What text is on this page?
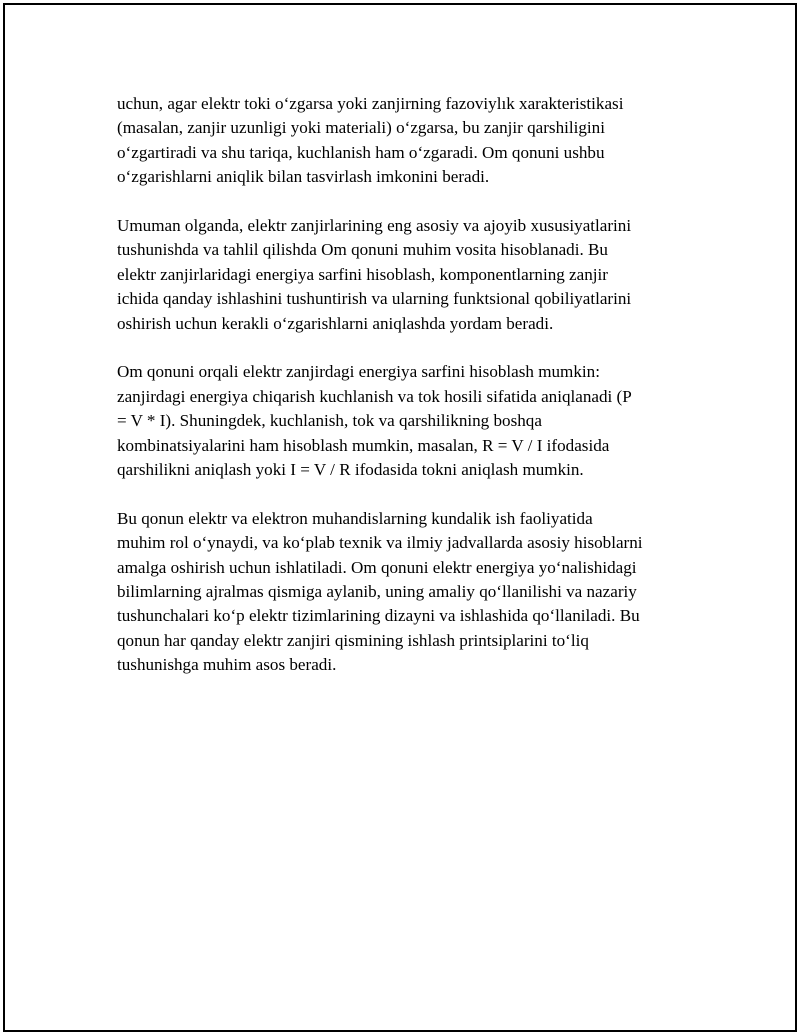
uchun, agar elektr toki o‘zgarsa yoki zanjirning fazoviylık xarakteristikasi
(masalan, zanjir uzunligi yoki materiali) o‘zgarsa, bu zanjir qarshiligini
o‘zgartiradi va shu tariqa, kuchlanish ham o‘zgaradi. Om qonuni ushbu
o‘zgarishlarni aniqlik bilan tasvirlash imkonini beradi.

Umuman olganda, elektr zanjirlarining eng asosiy va ajoyib xususiyatlarini
tushunishda va tahlil qilishda Om qonuni muhim vosita hisoblanadi. Bu
elektr zanjirlaridagi energiya sarfini hisoblash, komponentlarning zanjir
ichida qanday ishlashini tushuntirish va ularning funktsional qobiliyatlarini
oshirish uchun kerakli o‘zgarishlarni aniqlashda yordam beradi.

Om qonuni orqali elektr zanjirdagi energiya sarfini hisoblash mumkin:
zanjirdagi energiya chiqarish kuchlanish va tok hosili sifatida aniqlanadi (P
= V * I). Shuningdek, kuchlanish, tok va qarshilikning boshqa
kombinatsiyalarini ham hisoblash mumkin, masalan, R = V / I ifodasida
qarshilikni aniqlash yoki I = V / R ifodasida tokni aniqlash mumkin.

Bu qonun elektr va elektron muhandislarning kundalik ish faoliyatida
muhim rol o‘ynaydi, va ko‘plab texnik va ilmiy jadvallarda asosiy hisoblarni
amalga oshirish uchun ishlatiladi. Om qonuni elektr energiya yo‘nalishidagi
bilimlarning ajralmas qismiga aylanib, uning amaliy qo‘llanilishi va nazariy
tushunchalari ko‘p elektr tizimlarining dizayni va ishlashida qo‘llaniladi. Bu
qonun har qanday elektr zanjiri qismining ishlash printsiplarini to‘liq
tushunishga muhim asos beradi.
